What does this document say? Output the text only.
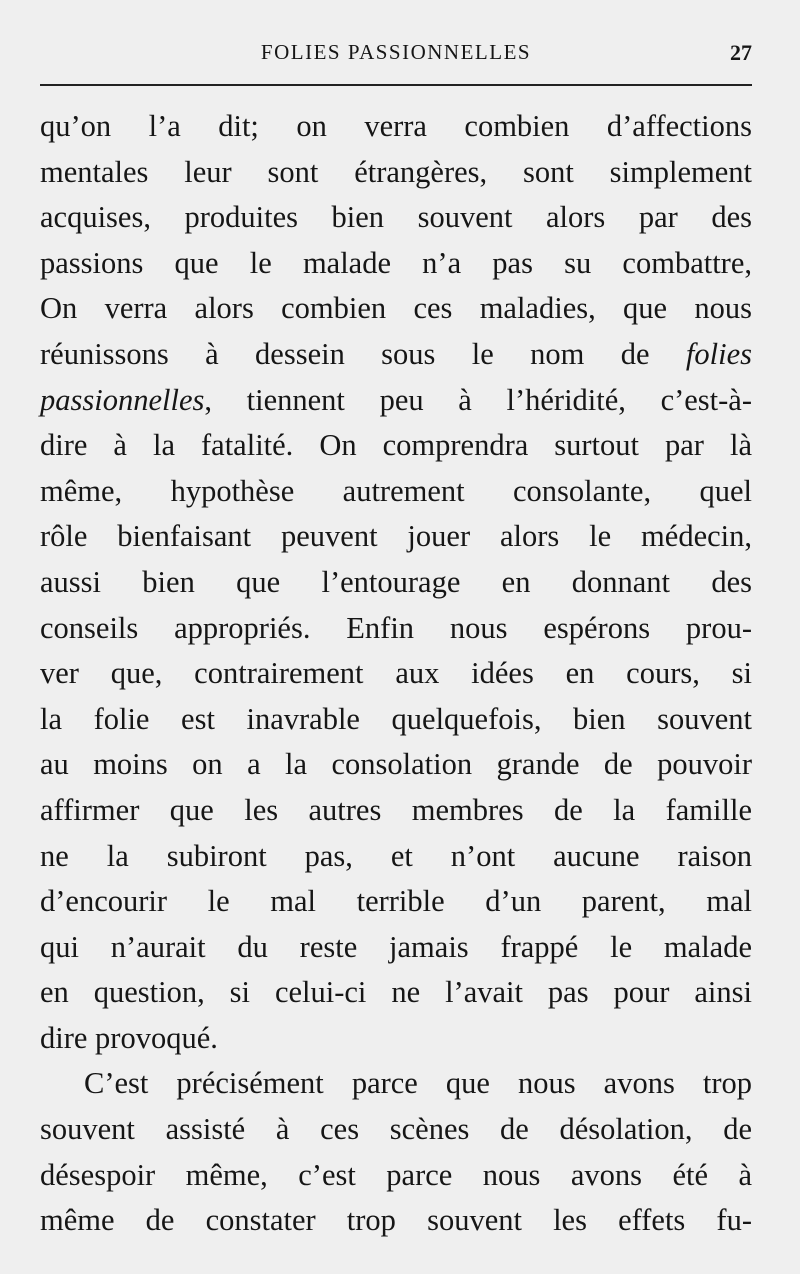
FOLIES PASSIONNELLES	27
qu’on l’a dit; on verra combien d’affections
mentales leur sont étrangères, sont simplement
acquises, produites bien souvent alors par des
passions que le malade n’a pas su combattre,
On verra alors combien ces maladies, que nous
réunissons à dessein sous le nom de folies
passionnelles, tiennent peu à l’héridité, c’est-à-
dire à la fatalité. On comprendra surtout par là
même, hypothèse autrement consolante, quel
rôle bienfaisant peuvent jouer alors le médecin,
aussi bien que l’entourage en donnant des
conseils appropriés. Enfin nous espérons prou-
ver que, contrairement aux idées en cours, si
la folie est inavrable quelquefois, bien souvent
au moins on a la consolation grande de pouvoir
affirmer que les autres membres de la famille
ne la subiront pas, et n’ont aucune raison
d’encourir le mal terrible d’un parent, mal
qui n’aurait du reste jamais frappé le malade
en question, si celui-ci ne l’avait pas pour ainsi
dire provoqué.
C’est précisément parce que nous avons trop
souvent assisté à ces scènes de désolation, de
désespoir même, c’est parce nous avons été à
même de constater trop souvent les effets fu-
